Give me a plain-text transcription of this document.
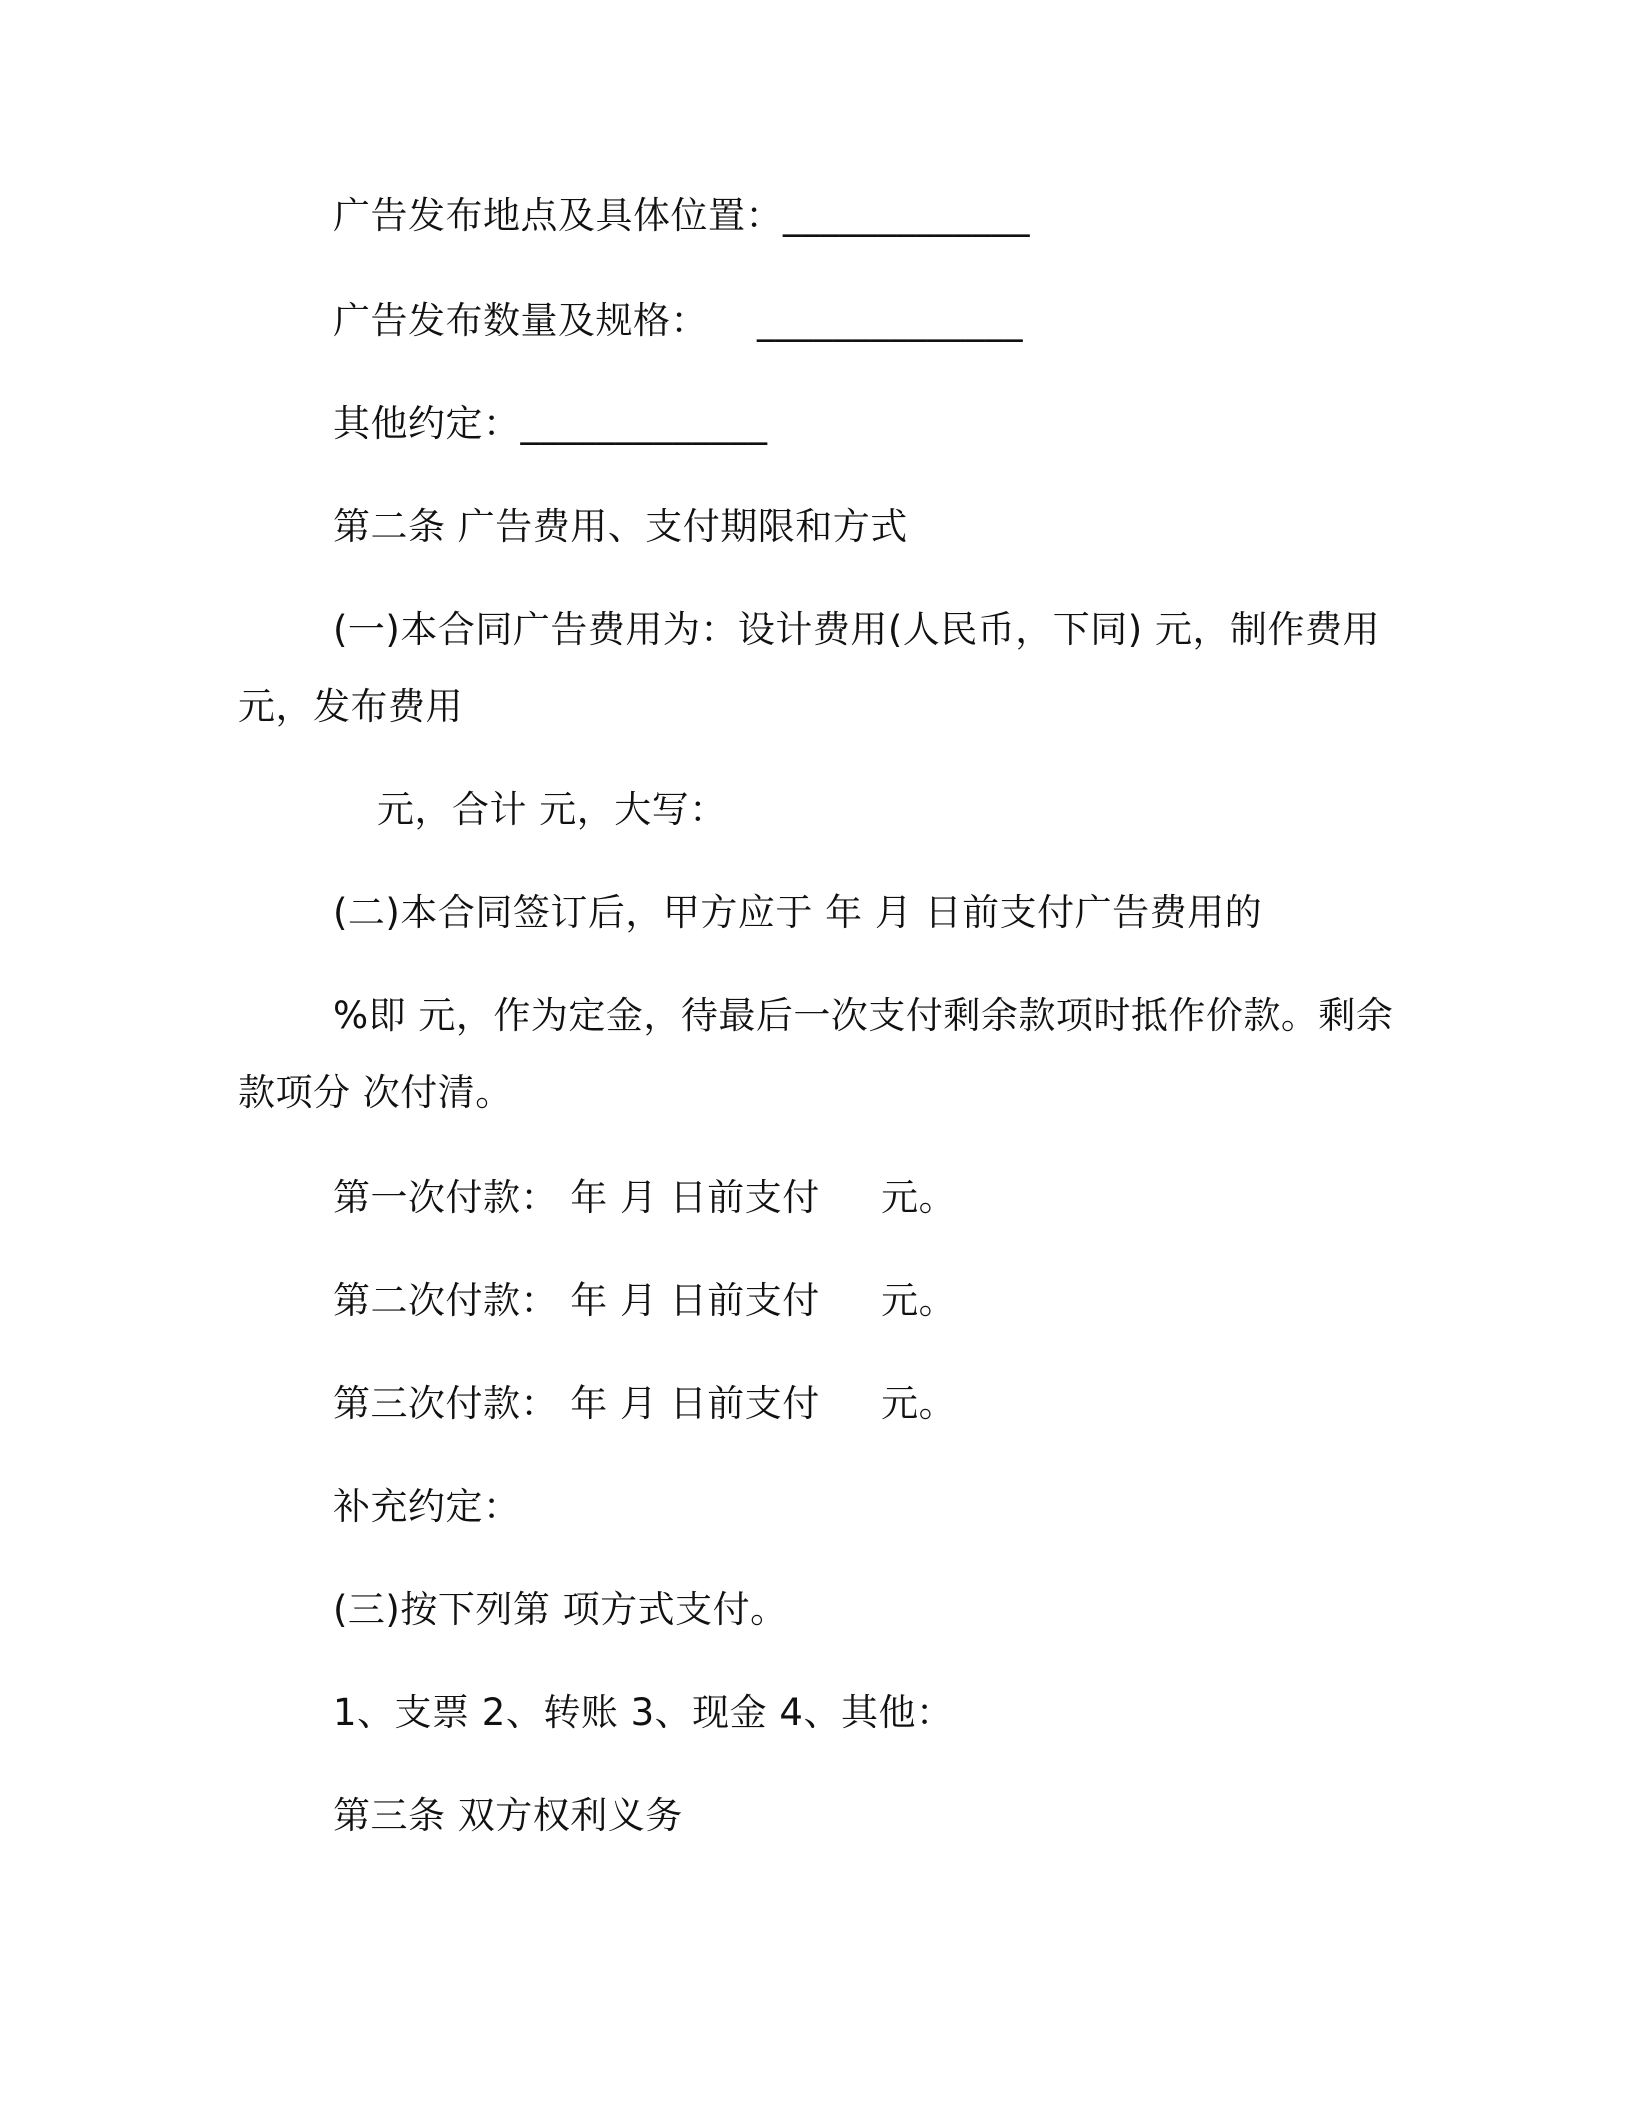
广告发布地点及具体位置：_____________
广告发布数量及规格：    ______________
其他约定：_____________
第二条 广告费用、支付期限和方式
(一)本合同广告费用为：设计费用(人民币，下同) 元，制作费用
元，发布费用
元，合计 元，大写：
(二)本合同签订后，甲方应于 年 月 日前支付广告费用的
%即 元，作为定金，待最后一次支付剩余款项时抵作价款。剩余
款项分 次付清。
第一次付款： 年 月 日前支付     元。
第二次付款： 年 月 日前支付     元。
第三次付款： 年 月 日前支付     元。
补充约定：
(三)按下列第 项方式支付。
1、支票 2、转账 3、现金 4、其他：
第三条 双方权利义务
